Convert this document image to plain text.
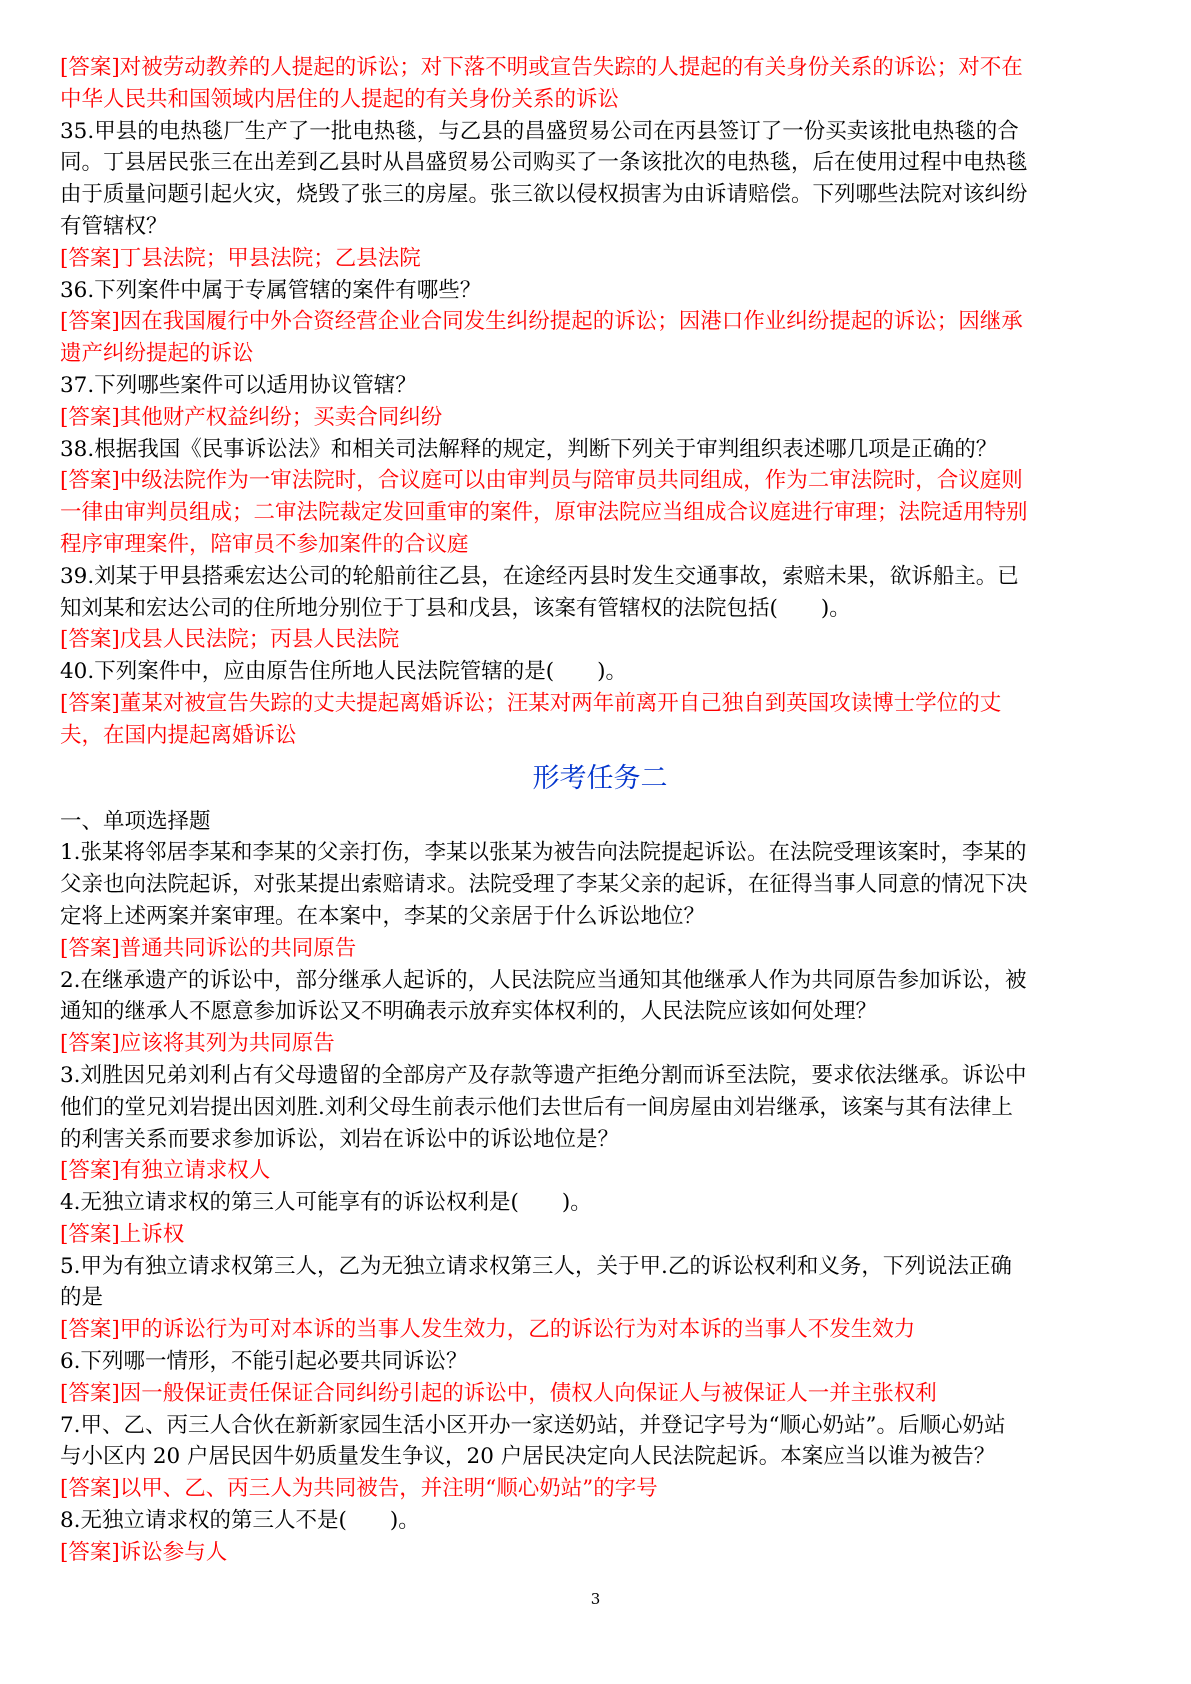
[答案]对被劳动教养的人提起的诉讼；对下落不明或宣告失踪的人提起的有关身份关系的诉讼；对不在

中华人民共和国领域内居住的人提起的有关身份关系的诉讼

35.甲县的电热毯厂生产了一批电热毯，与乙县的昌盛贸易公司在丙县签订了一份买卖该批电热毯的合

同。丁县居民张三在出差到乙县时从昌盛贸易公司购买了一条该批次的电热毯，后在使用过程中电热毯

由于质量问题引起火灾，烧毁了张三的房屋。张三欲以侵权损害为由诉请赔偿。下列哪些法院对该纠纷

有管辖权？

[答案]丁县法院；甲县法院；乙县法院

36.下列案件中属于专属管辖的案件有哪些？

[答案]因在我国履行中外合资经营企业合同发生纠纷提起的诉讼；因港口作业纠纷提起的诉讼；因继承

遗产纠纷提起的诉讼

37.下列哪些案件可以适用协议管辖？

[答案]其他财产权益纠纷；买卖合同纠纷

38.根据我国《民事诉讼法》和相关司法解释的规定，判断下列关于审判组织表述哪几项是正确的？

[答案]中级法院作为一审法院时，合议庭可以由审判员与陪审员共同组成，作为二审法院时，合议庭则

一律由审判员组成；二审法院裁定发回重审的案件，原审法院应当组成合议庭进行审理；法院适用特别

程序审理案件，陪审员不参加案件的合议庭

39.刘某于甲县搭乘宏达公司的轮船前往乙县，在途经丙县时发生交通事故，索赔未果，欲诉船主。已

知刘某和宏达公司的住所地分别位于丁县和戊县，该案有管辖权的法院包括(　　)。

[答案]戊县人民法院；丙县人民法院

40.下列案件中，应由原告住所地人民法院管辖的是(　　)。

[答案]董某对被宣告失踪的丈夫提起离婚诉讼；汪某对两年前离开自己独自到英国攻读博士学位的丈

夫，在国内提起离婚诉讼

形考任务二

一、单项选择题

1.张某将邻居李某和李某的父亲打伤，李某以张某为被告向法院提起诉讼。在法院受理该案时，李某的

父亲也向法院起诉，对张某提出索赔请求。法院受理了李某父亲的起诉，在征得当事人同意的情况下决

定将上述两案并案审理。在本案中，李某的父亲居于什么诉讼地位？

[答案]普通共同诉讼的共同原告

2.在继承遗产的诉讼中，部分继承人起诉的，人民法院应当通知其他继承人作为共同原告参加诉讼，被

通知的继承人不愿意参加诉讼又不明确表示放弃实体权利的，人民法院应该如何处理？

[答案]应该将其列为共同原告

3.刘胜因兄弟刘利占有父母遗留的全部房产及存款等遗产拒绝分割而诉至法院，要求依法继承。诉讼中

他们的堂兄刘岩提出因刘胜.刘利父母生前表示他们去世后有一间房屋由刘岩继承，该案与其有法律上

的利害关系而要求参加诉讼，刘岩在诉讼中的诉讼地位是？

[答案]有独立请求权人

4.无独立请求权的第三人可能享有的诉讼权利是(　　)。

[答案]上诉权

5.甲为有独立请求权第三人，乙为无独立请求权第三人，关于甲.乙的诉讼权利和义务，下列说法正确

的是

[答案]甲的诉讼行为可对本诉的当事人发生效力，乙的诉讼行为对本诉的当事人不发生效力

6.下列哪一情形，不能引起必要共同诉讼？

[答案]因一般保证责任保证合同纠纷引起的诉讼中，债权人向保证人与被保证人一并主张权利

7.甲、乙、丙三人合伙在新新家园生活小区开办一家送奶站，并登记字号为“顺心奶站”。后顺心奶站

与小区内 20 户居民因牛奶质量发生争议，20 户居民决定向人民法院起诉。本案应当以谁为被告？

[答案]以甲、乙、丙三人为共同被告，并注明“顺心奶站”的字号

8.无独立请求权的第三人不是(　　)。

[答案]诉讼参与人

3
